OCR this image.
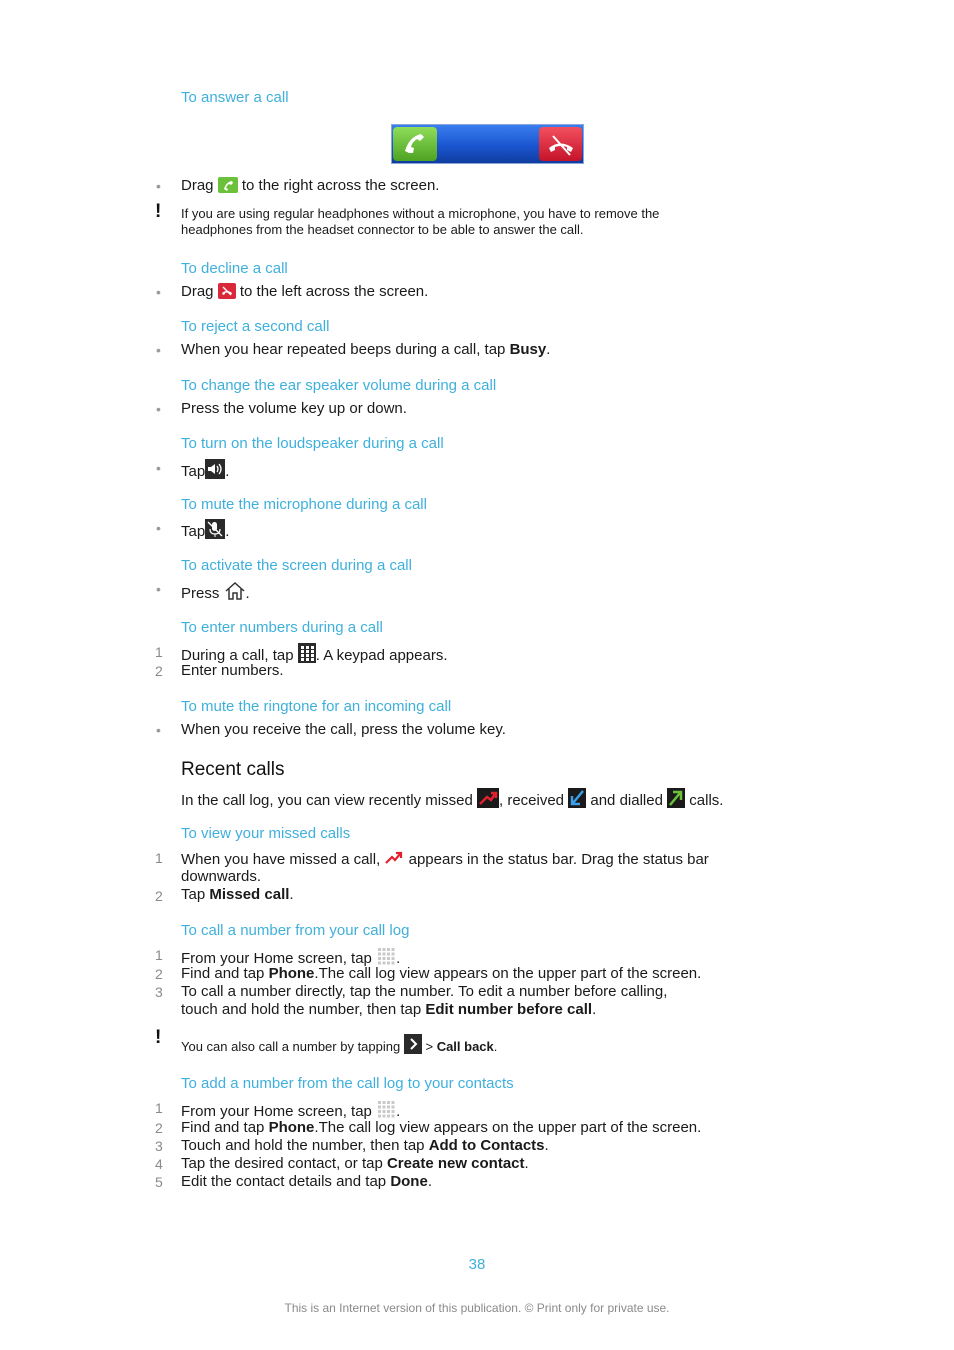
To answer a call
• Drag to the right across the screen.
! If you are using regular headphones without a microphone, you have to remove the
headphones from the headset connector to be able to answer the call.
To decline a call
• Drag to the left across the screen.
To reject a second call
• When you hear repeated beeps during a call, tap Busy.
To change the ear speaker volume during a call
• Press the volume key up or down.
To turn on the loudspeaker during a call
• Tap .
To mute the microphone during a call
• Tap .
To activate the screen during a call
• Press .
To enter numbers during a call
1 During a call, tap . A keypad appears.
2 Enter numbers.
To mute the ringtone for an incoming call
• When you receive the call, press the volume key.
Recent calls
In the call log, you can view recently missed , received and dialled calls.
To view your missed calls
1 When you have missed a call, appears in the status bar. Drag the status bar
downwards.
2 Tap Missed call.
To call a number from your call log
1 From your Home screen, tap .
2 Find and tap Phone.The call log view appears on the upper part of the screen.
3 To call a number directly, tap the number. To edit a number before calling,
touch and hold the number, then tap Edit number before call.
! You can also call a number by tapping  > Call back.
To add a number from the call log to your contacts
1 From your Home screen, tap .
2 Find and tap Phone.The call log view appears on the upper part of the screen.
3 Touch and hold the number, then tap Add to Contacts.
4 Tap the desired contact, or tap Create new contact.
5 Edit the contact details and tap Done.
38
This is an Internet version of this publication. © Print only for private use.
